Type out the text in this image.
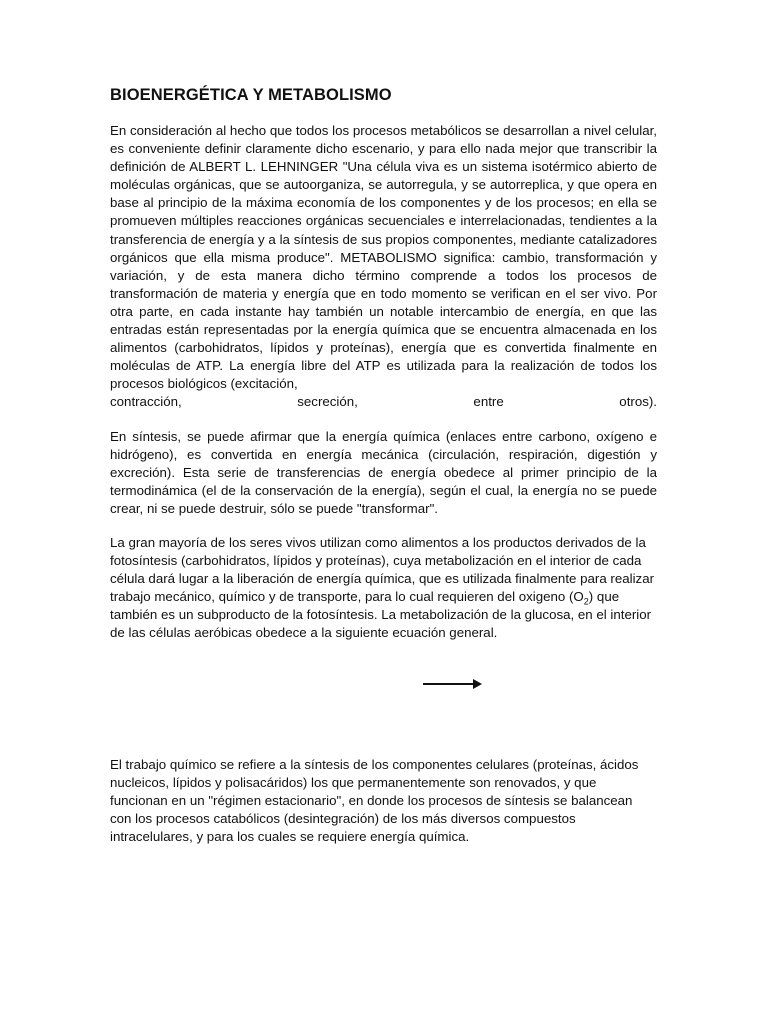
BIOENERGÉTICA Y METABOLISMO

En consideración al hecho que todos los procesos metabólicos se desarrollan a nivel celular, es conveniente definir claramente dicho escenario, y para ello nada mejor que transcribir la definición de ALBERT L. LEHNINGER "Una célula viva es un sistema isotérmico abierto de moléculas orgánicas, que se autoorganiza, se autorregula, y se autorreplica, y que opera en base al principio de la máxima economía de los componentes y de los procesos; en ella se promueven múltiples reacciones orgánicas secuenciales e interrelacionadas, tendientes a la transferencia de energía y a la síntesis de sus propios componentes, mediante catalizadores orgánicos que ella misma produce". METABOLISMO significa: cambio, transformación y variación, y de esta manera dicho término comprende a todos los procesos de transformación de materia y energía que en todo momento se verifican en el ser vivo. Por otra parte, en cada instante hay también un notable intercambio de energía, en que las entradas están representadas por la energía química que se encuentra almacenada en los alimentos (carbohidratos, lípidos y proteínas), energía que es convertida finalmente en moléculas de ATP. La energía libre del ATP es utilizada para la realización de todos los procesos biológicos (excitación,

contracción, secreción, entre otros).

En síntesis, se puede afirmar que la energía química (enlaces entre carbono, oxígeno e hidrógeno), es convertida en energía mecánica (circulación, respiración, digestión y excreción). Esta serie de transferencias de energía obedece al primer principio de la termodinámica (el de la conservación de la energía), según el cual, la energía no se puede crear, ni se puede destruir, sólo se puede "transformar".

La gran mayoría de los seres vivos utilizan como alimentos a los productos derivados de la fotosíntesis (carbohidratos, lípidos y proteínas), cuya metabolización en el interior de cada célula dará lugar a la liberación de energía química, que es utilizada finalmente para realizar trabajo mecánico, químico y de transporte, para lo cual requieren del oxigeno $(O_2)$ que también es un subproducto de la fotosíntesis. La metabolización de la glucosa, en el interior de las células aeróbicas obedece a la siguiente ecuación general.

El trabajo químico se refiere a la síntesis de los componentes celulares (proteínas, ácidos nucleicos, lípidos y polisacáridos) los que permanentemente son renovados, y que funcionan en un "régimen estacionario", en donde los procesos de síntesis se balancean con los procesos catabólicos (desintegración) de los más diversos compuestos intracelulares, y para los cuales se requiere energía química.
